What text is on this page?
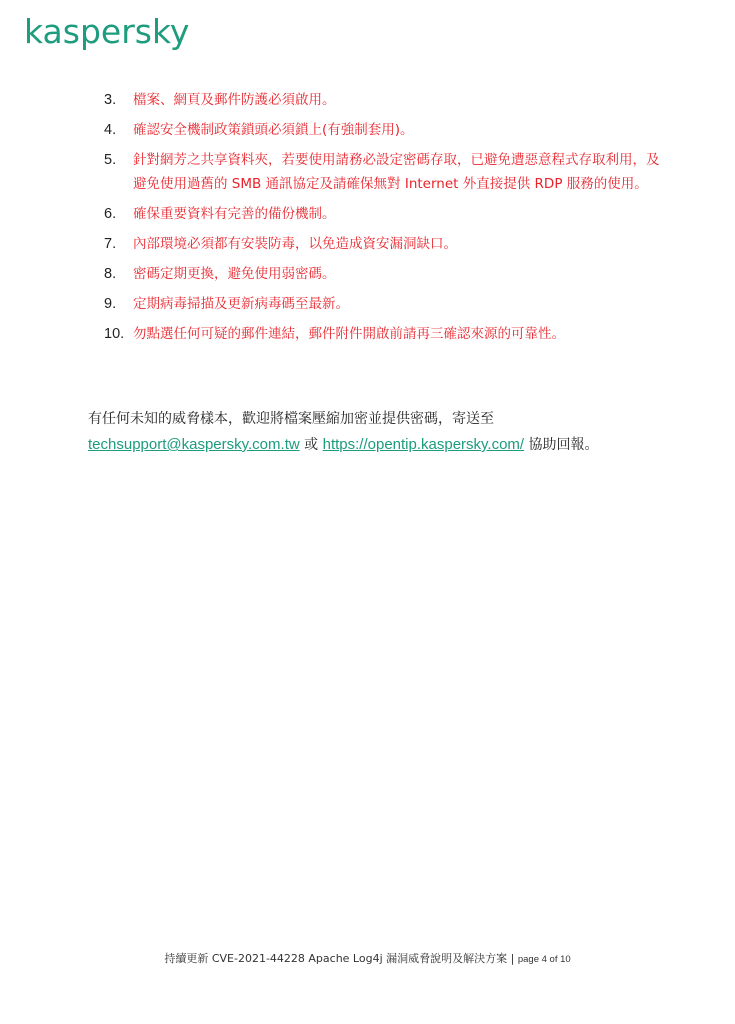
kaspersky
3. 檔案、網頁及郵件防護必須啟用。
4. 確認安全機制政策鎖頭必須鎖上(有強制套用)。
5. 針對網芳之共享資料夾，若要使用請務必設定密碼存取，已避免遭惡意程式存取利用，及避免使用過舊的 SMB 通訊協定及請確保無對 Internet 外直接提供 RDP 服務的使用。
6. 確保重要資料有完善的備份機制。
7. 內部環境必須都有安裝防毒，以免造成資安漏洞缺口。
8. 密碼定期更換，避免使用弱密碼。
9. 定期病毒掃描及更新病毒碼至最新。
10. 勿點選任何可疑的郵件連結，郵件附件開啟前請再三確認來源的可靠性。

有任何未知的威脅樣本，歡迎將檔案壓縮加密並提供密碼，寄送至
techsupport@kaspersky.com.tw 或 https://opentip.kaspersky.com/ 協助回報。

持續更新 CVE-2021-44228 Apache Log4j 漏洞威脅說明及解決方案 | page 4 of 10
